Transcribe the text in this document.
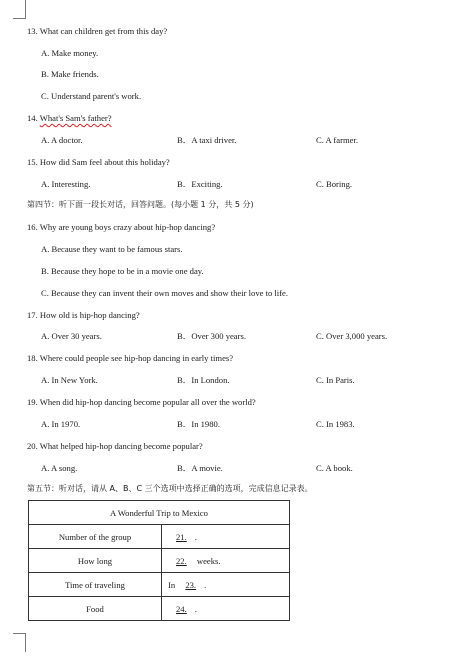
13. What can children get from this day?
A. Make money.
B. Make friends.
C. Understand parent's work.
14. What's Sam's father?
A. A doctor.	B．A taxi driver.	C. A farmer.
15. How did Sam feel about this holiday?
A. Interesting.	B．Exciting.	C. Boring.
第四节：听下面一段长对话，回答问题。(每小题 1 分，共 5 分)
16. Why are young boys crazy about hip-hop dancing?
A. Because they want to be famous stars.
B. Because they hope to be in a movie one day.
C. Because they can invent their own moves and show their love to life.
17. How old is hip-hop dancing?
A. Over 30 years.	B．Over 300 years.	C. Over 3,000 years.
18. Where could people see hip-hop dancing in early times?
A. In New York.	B．In London.	C. In Paris.
19. When did hip-hop dancing become popular all over the world?
A. In 1970.	B．In 1980.	C. In 1983.
20. What helped hip-hop dancing become popular?
A. A song.	B．A movie.	C. A book.
第五节：听对话，请从 A、B、C 三个选项中选择正确的选项，完成信息记录表。
A Wonderful Trip to Mexico	
Number of the group	21. .
How long	22. weeks.
Time of traveling	In 23. .
Food	24. .
